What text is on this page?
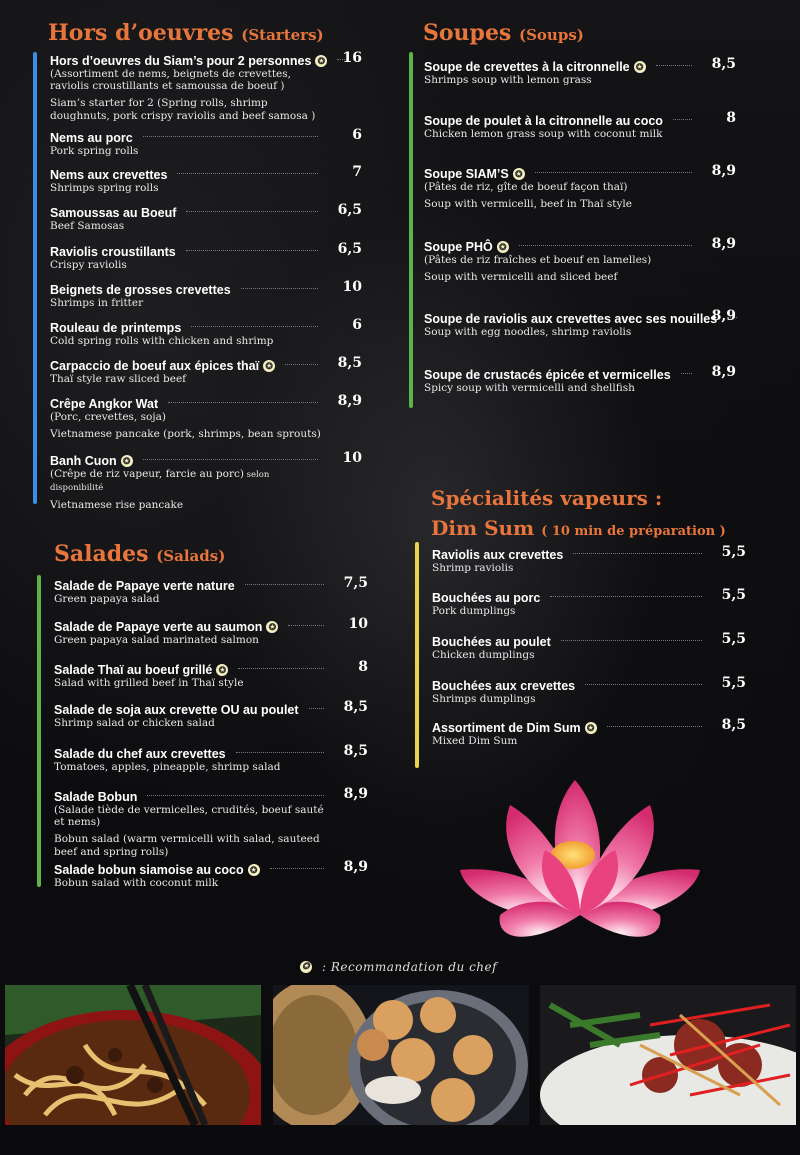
Hors d’oeuvres (Starters)
Hors d’oeuvres du Siam’s pour 2 personnes ✪
(Assortiment de nems, beignets de crevettes, raviolis croustillants et samoussa de boeuf )
Siam’s starter for 2 (Spring rolls, shrimp doughnuts, pork crispy raviolis and beef samosa )
16
Nems au porc
Pork spring rolls
6
Nems aux crevettes
Shrimps spring rolls
7
Samoussas au Boeuf
Beef Samosas
6,5
Raviolis croustillants
Crispy raviolis
6,5
Beignets de grosses crevettes
Shrimps in fritter
10
Rouleau de printemps
Cold spring rolls with chicken and shrimp
6
Carpaccio de boeuf aux épices thaï ✪
Thaï style raw sliced beef
8,5
Crêpe Angkor Wat
(Porc, crevettes, soja)
Vietnamese pancake (pork, shrimps, bean sprouts)
8,9
Banh Cuon ✪
(Crêpe de riz vapeur, farcie au porc) selon disponibilité
Vietnamese rise pancake
10
Salades (Salads)
Salade de Papaye verte nature
Green papaya salad
7,5
Salade de Papaye verte au saumon ✪
Green papaya salad marinated salmon
10
Salade Thaï au boeuf grillé ✪
Salad with grilled beef in Thaï style
8
Salade de soja aux crevette OU au poulet
Shrimp salad or chicken salad
8,5
Salade du chef aux crevettes
Tomatoes, apples, pineapple, shrimp salad
8,5
Salade Bobun
(Salade tiède de vermicelles, crudités, boeuf sauté et nems)
Bobun salad (warm vermicelli with salad, sauteed beef and spring rolls)
8,9
Salade bobun siamoise au coco ✪
Bobun salad with coconut milk
8,9
Soupes (Soups)
Soupe de crevettes à la citronnelle ✪
Shrimps soup with lemon grass
8,5
Soupe de poulet à la citronnelle au coco
Chicken lemon grass soup with coconut milk
8
Soupe SIAM’S ✪
(Pâtes de riz, gîte de boeuf façon thaï)
Soup with vermicelli, beef in Thaï style
8,9
Soupe PHÔ ✪
(Pâtes de riz fraîches et boeuf en lamelles)
Soup with vermicelli and sliced beef
8,9
Soupe de raviolis aux crevettes avec ses nouilles
Soup with egg noodles, shrimp raviolis
8,9
Soupe de crustacés épicée et vermicelles
Spicy soup with vermicelli and shellfish
8,9
Spécialités vapeurs :
Dim Sum ( 10 min de préparation )
Raviolis aux crevettes
Shrimp raviolis
5,5
Bouchées au porc
Pork dumplings
5,5
Bouchées au poulet
Chicken dumplings
5,5
Bouchées aux crevettes
Shrimps dumplings
5,5
Assortiment de Dim Sum ✪
Mixed Dim Sum
8,5
✪ : Recommandation du chef
